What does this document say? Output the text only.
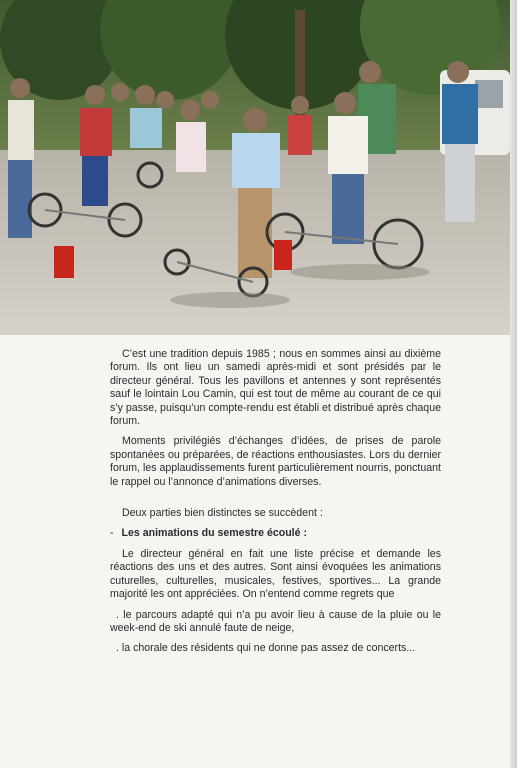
C’est une tradition depuis 1985 ; nous en sommes ainsi au dixième forum. Ils ont lieu un samedi après-midi et sont présidés par le directeur général. Tous les pavillons et antennes y sont représentés sauf le lointain Lou Camin, qui est tout de même au courant de ce qui s’y passe, puisqu’un compte-rendu est établi et distribué après chaque forum.

Moments privilégiés d’échanges d’idées, de prises de parole spontanées ou préparées, de réactions enthousiastes. Lors du dernier forum, les applaudissements furent particulièrement nourris, ponctuant le rappel ou l’annonce d’animations diverses.

Deux parties bien distinctes se succèdent :

- Les animations du semestre écoulé :

Le directeur général en fait une liste précise et demande les réactions des uns et des autres. Sont ainsi évoquées les animations cuturelles, culturelles, musicales, festives, sportives... La grande majorité les ont appréciées. On n’entend comme regrets que

. le parcours adapté qui n’a pu avoir lieu à cause de la pluie ou le week-end de ski annulé faute de neige,

. la chorale des résidents qui ne donne pas assez de concerts...
